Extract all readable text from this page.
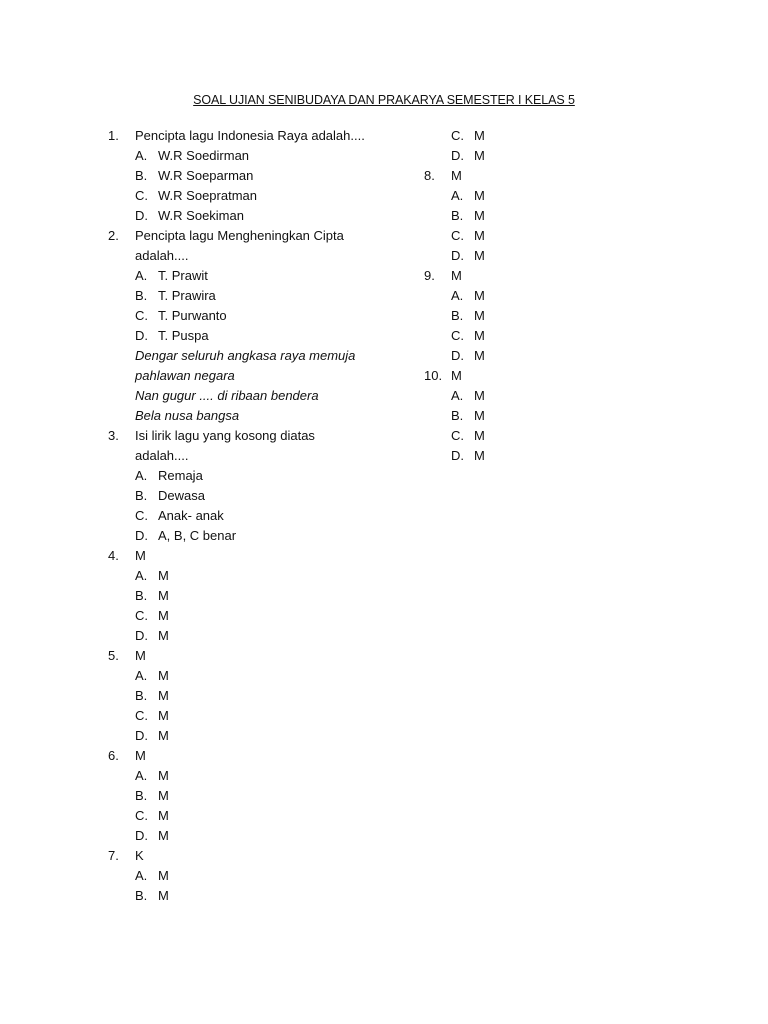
SOAL UJIAN SENIBUDAYA DAN PRAKARYA SEMESTER I KELAS 5
1.	Pencipta lagu Indonesia Raya adalah....
A. W.R Soedirman
B. W.R Soeparman
C. W.R Soepratman
D. W.R Soekiman
2.	Pencipta lagu Mengheningkan Cipta
adalah....
A. T. Prawit
B. T. Prawira
C. T. Purwanto
D. T. Puspa
Dengar seluruh angkasa raya memuja
pahlawan negara
Nan gugur .... di ribaan bendera
Bela nusa bangsa
3.	Isi lirik lagu yang kosong diatas
adalah....
A. Remaja
B. Dewasa
C. Anak- anak
D. A, B, C benar
4.	M
A. M
B. M
C. M
D. M
5.	M
A. M
B. M
C. M
D. M
6.	M
A. M
B. M
C. M
D. M
7.	K
A. M
B. M
C. M
D. M
8.	M
A. M
B. M
C. M
D. M
9.	M
A. M
B. M
C. M
D. M
10. M
A. M
B. M
C. M
D. M
